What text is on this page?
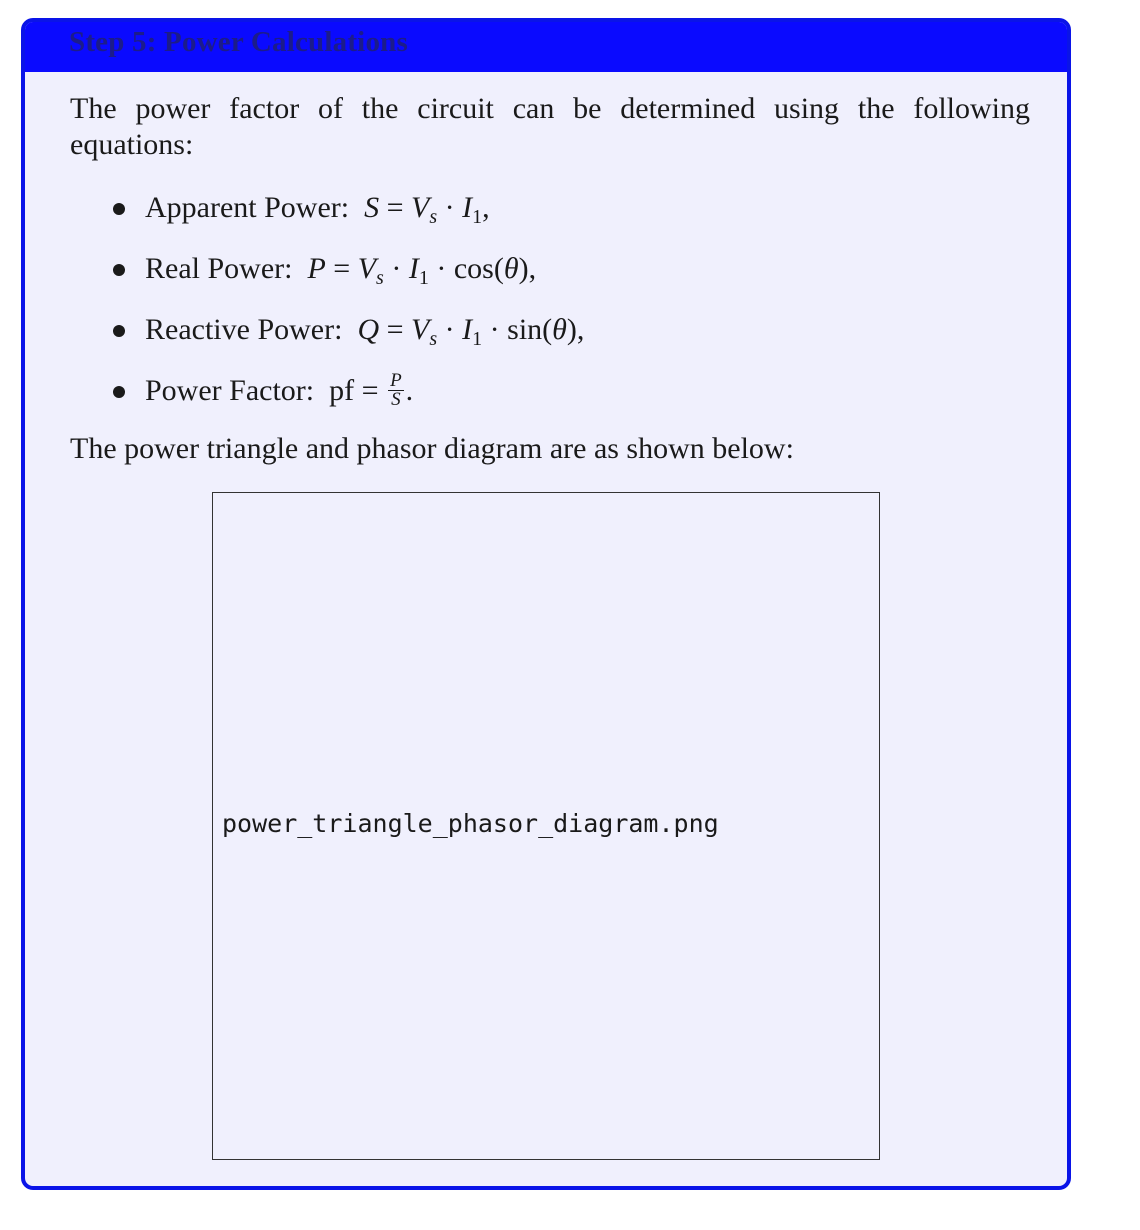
Step 5: Power Calculations
The power factor of the circuit can be determined using the following
equations:
Apparent Power: $S = V_s \cdot I_1$,
Real Power: $P = V_s \cdot I_1 \cdot \cos(\theta)$,
Reactive Power: $Q = V_s \cdot I_1 \cdot \sin(\theta)$,
Power Factor: pf = $\frac{P}{S}$ .
The power triangle and phasor diagram are as shown below:
power_triangle_phasor_diagram.png
